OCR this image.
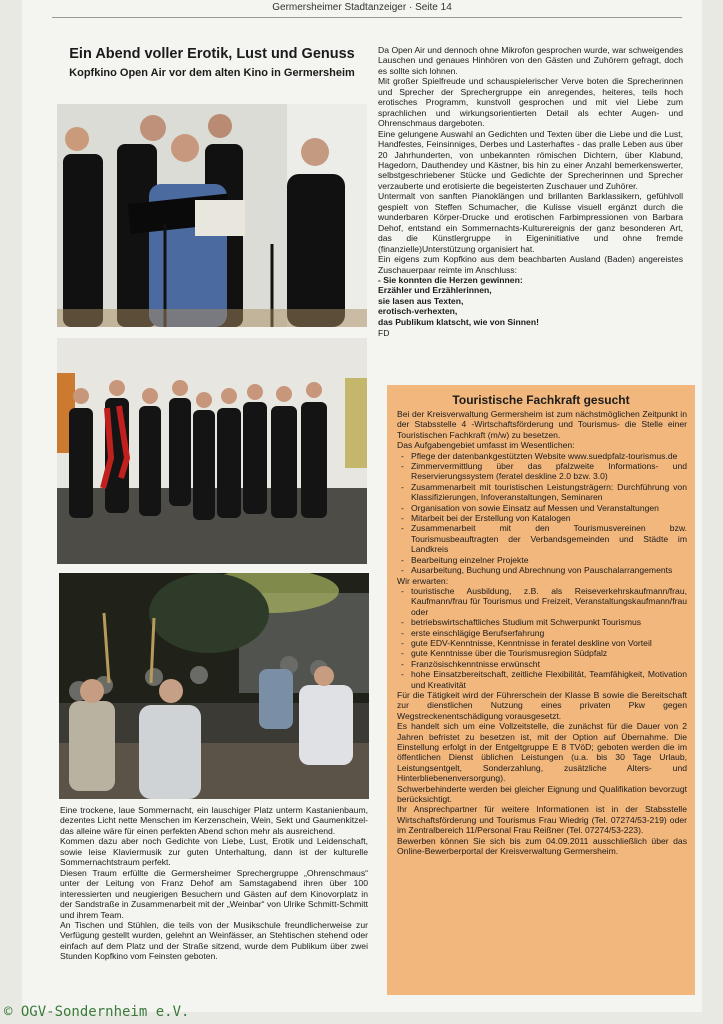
Germersheimer Stadtanzeiger · Seite 14
Ein Abend voller Erotik, Lust und Genuss
Kopfkino Open Air vor dem alten Kino in Germersheim

Da Open Air und dennoch ohne Mikrofon gesprochen wurde, war schweigendes Lauschen und genaues Hinhören von den Gästen und Zuhörern gefragt, doch es sollte sich lohnen.

Mit großer Spielfreude und schauspielerischer Verve boten die Sprecherinnen und Sprecher der Sprechergruppe ein anregendes, heiteres, teils hoch erotisches Programm, kunstvoll gesprochen und mit viel Liebe zum sprachlichen und wirkungsorientierten Detail als echter Augen- und Ohrenschmaus dargeboten.

Eine gelungene Auswahl an Gedichten und Texten über die Liebe und die Lust, Handfestes, Feinsinniges, Derbes und Lasterhaftes - das pralle Leben aus über 20 Jahrhunderten, von unbekannten römischen Dichtern, über Klabund, Hagedorn, Dauthendey und Kästner, bis hin zu einer Anzahl bemerkenswerter, selbstgeschriebener Stücke und Gedichte der Sprecherinnen und Sprecher verzauberte und erotisierte die begeisterten Zuschauer und Zuhörer.

Untermalt von sanften Pianoklängen und brillanten Barklassikern, gefühlvoll gespielt von Steffen Schumacher, die Kulisse visuell ergänzt durch die wunderbaren Körper-Drucke und erotischen Farbimpressionen von Barbara Dehof, entstand ein Sommernachts-Kulturereignis der ganz besonderen Art, das die Künstlergruppe in Eigeninitiative und ohne fremde (finanzielle)Unterstützung organisiert hat.

Ein eigens zum Kopfkino aus dem beachbarten Ausland (Baden) angereistes Zuschauerpaar reimte im Anschluss:

- Sie konnten die Herzen gewinnen:
Erzähler und Erzählerinnen,
sie lasen aus Texten,
erotisch-verhexten,
das Publikum klatscht, wie von Sinnen!
FD

Eine trockene, laue Sommernacht, ein lauschiger Platz unterm Kastanienbaum, dezentes Licht nette Menschen im Kerzenschein, Wein, Sekt und Gaumenkitzel- das alleine wäre für einen perfekten Abend schon mehr als ausreichend.

Kommen dazu aber noch Gedichte von Liebe, Lust, Erotik und Leidenschaft, sowie leise Klaviermusik zur guten Unterhaltung, dann ist der kulturelle Sommernachtstraum perfekt.

Diesen Traum erfüllte die Germersheimer Sprechergruppe „Ohrenschmaus“ unter der Leitung von Franz Dehof am Samstagabend ihren über 100 interessierten und neugierigen Besuchern und Gästen auf dem Kinovorplatz in der Sandstraße in Zusammenarbeit mit der „Weinbar“ von Ulrike Schmitt-Schmitt und ihrem Team.

An Tischen und Stühlen, die teils von der Musikschule freundlicherweise zur Verfügung gestellt wurden, gelehnt an Weinfässer, an Stehtischen stehend oder einfach auf dem Platz und der Straße sitzend, wurde dem Publikum über zwei Stunden Kopfkino vom Feinsten geboten.

Touristische Fachkraft gesucht

Bei der Kreisverwaltung Germersheim ist zum nächstmöglichen Zeitpunkt in der Stabsstelle 4 -Wirtschaftsförderung und Tourismus- die Stelle einer Touristischen Fachkraft (m/w) zu besetzen.

Das Aufgabengebiet umfasst im Wesentlichen:

- Pflege der datenbankgestützten Website www.suedpfalz-tourismus.de
- Zimmervermittlung über das pfalzweite Informations- und Reservierungssystem (feratel deskline 2.0 bzw. 3.0)
- Zusammenarbeit mit touristischen Leistungsträgern: Durchführung von Klassifizierungen, Infoveranstaltungen, Seminaren
- Organisation von sowie Einsatz auf Messen und Veranstaltungen
- Mitarbeit bei der Erstellung von Katalogen
- Zusammenarbeit mit den Tourismusvereinen bzw. Tourismusbeauftragten der Verbandsgemeinden und Städte im Landkreis
- Bearbeitung einzelner Projekte
- Ausarbeitung, Buchung und Abrechnung von Pauschalarrangements

Wir erwarten:

- touristische Ausbildung, z.B. als Reiseverkehrskaufmann/frau, Kaufmann/frau für Tourismus und Freizeit, Veranstaltungskaufmann/frau oder
- betriebswirtschaftliches Studium mit Schwerpunkt Tourismus
- erste einschlägige Berufserfahrung
- gute EDV-Kenntnisse, Kenntnisse in feratel deskline von Vorteil
- gute Kenntnisse über die Tourismusregion Südpfalz
- Französischkenntnisse erwünscht
- hohe Einsatzbereitschaft, zeitliche Flexibilität, Teamfähigkeit, Motivation und Kreativität

Für die Tätigkeit wird der Führerschein der Klasse B sowie die Bereitschaft zur dienstlichen Nutzung eines privaten Pkw gegen Wegstreckenentschädigung vorausgesetzt.

Es handelt sich um eine Vollzeitstelle, die zunächst für die Dauer von 2 Jahren befristet zu besetzen ist, mit der Option auf Übernahme. Die Einstellung erfolgt in der Entgeltgruppe E 8 TVöD; geboten werden die im öffentlichen Dienst üblichen Leistungen (u.a. bis 30 Tage Urlaub, Leistungsentgelt, Sonderzahlung, zusätzliche Alters- und Hinterbliebenenversorgung).

Schwerbehinderte werden bei gleicher Eignung und Qualifikation bevorzugt berücksichtigt.

Ihr Ansprechpartner für weitere Informationen ist in der Stabsstelle Wirtschaftsförderung und Tourismus Frau Wiedrig (Tel. 07274/53-219) oder im Zentralbereich 11/Personal Frau Reißner (Tel. 07274/53-223).

Bewerben können Sie sich bis zum 04.09.2011 ausschließlich über das Online-Bewerberportal der Kreisverwaltung Germersheim.

© OGV-Sondernheim e.V.
